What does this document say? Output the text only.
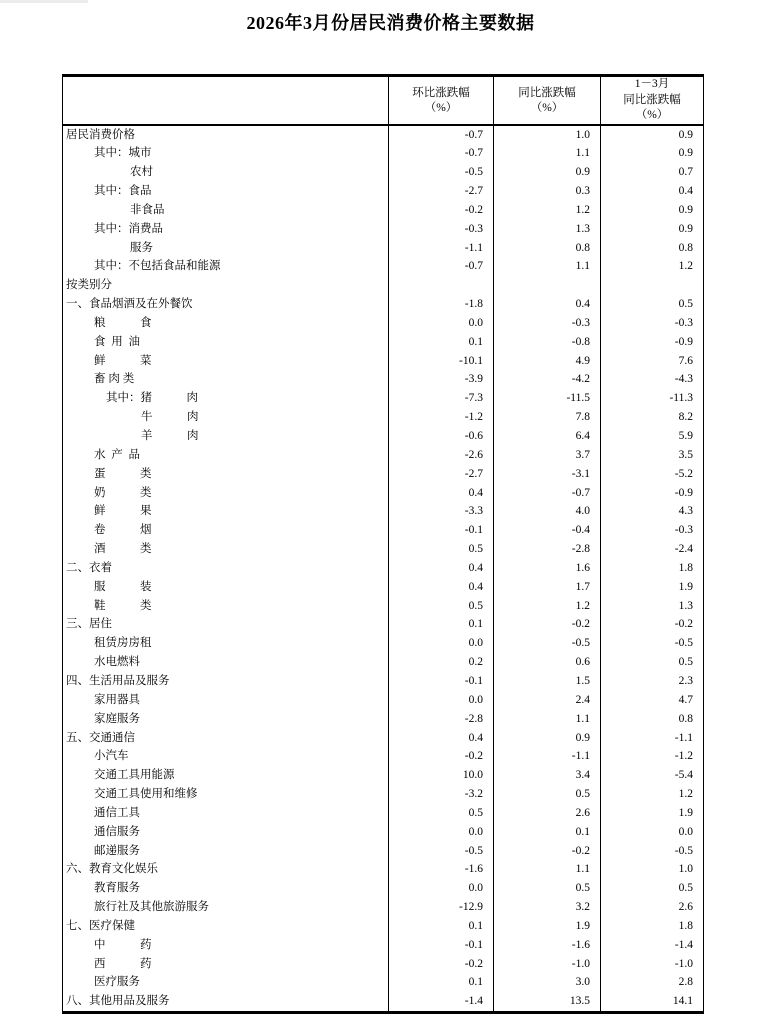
2026年3月份居民消费价格主要数据

环比涨跌幅
（%）

同比涨跌幅
（%）

1－3月
同比涨跌幅
（%）

居民消费价格	-0.7	1.0	0.9
其中：城市	-0.7	1.1	0.9
农村	-0.5	0.9	0.7
其中：食品	-2.7	0.3	0.4
非食品	-0.2	1.2	0.9
其中：消费品	-0.3	1.3	0.9
服务	-1.1	0.8	0.8
其中：不包括食品和能源	-0.7	1.1	1.2
按类别分			
一、食品烟酒及在外餐饮	-1.8	0.4	0.5
粮　　　食	0.0	-0.3	-0.3
食  用  油	0.1	-0.8	-0.9
鲜　　　菜	-10.1	4.9	7.6
畜 肉 类	-3.9	-4.2	-4.3
其中：猪　　　肉	-7.3	-11.5	-11.3
牛　　　肉	-1.2	7.8	8.2
羊　　　肉	-0.6	6.4	5.9
水  产  品	-2.6	3.7	3.5
蛋　　　类	-2.7	-3.1	-5.2
奶　　　类	0.4	-0.7	-0.9
鲜　　　果	-3.3	4.0	4.3
卷　　　烟	-0.1	-0.4	-0.3
酒　　　类	0.5	-2.8	-2.4
二、衣着	0.4	1.6	1.8
服　　　装	0.4	1.7	1.9
鞋　　　类	0.5	1.2	1.3
三、居住	0.1	-0.2	-0.2
租赁房房租	0.0	-0.5	-0.5
水电燃料	0.2	0.6	0.5
四、生活用品及服务	-0.1	1.5	2.3
家用器具	0.0	2.4	4.7
家庭服务	-2.8	1.1	0.8
五、交通通信	0.4	0.9	-1.1
小汽车	-0.2	-1.1	-1.2
交通工具用能源	10.0	3.4	-5.4
交通工具使用和维修	-3.2	0.5	1.2
通信工具	0.5	2.6	1.9
通信服务	0.0	0.1	0.0
邮递服务	-0.5	-0.2	-0.5
六、教育文化娱乐	-1.6	1.1	1.0
教育服务	0.0	0.5	0.5
旅行社及其他旅游服务	-12.9	3.2	2.6
七、医疗保健	0.1	1.9	1.8
中　　　药	-0.1	-1.6	-1.4
西　　　药	-0.2	-1.0	-1.0
医疗服务	0.1	3.0	2.8
八、其他用品及服务	-1.4	13.5	14.1
